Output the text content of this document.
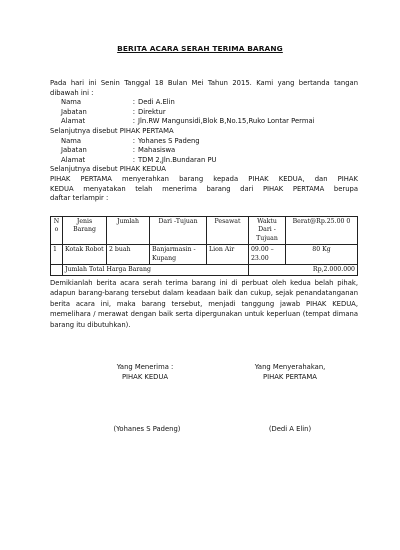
BERITA ACARA SERAH TERIMA BARANG
Pada hari ini Senin Tanggal 18 Bulan Mei Tahun 2015. Kami yang bertanda tangan dibawah ini :
Nama	: Dedi A.Elin
Jabatan	: Direktur
Alamat	: Jln.RW Mangunsidi,Blok B,No.15,Ruko Lontar Permai
Selanjutnya disebut PIHAK PERTAMA
Nama	: Yohanes S Padeng
Jabatan	: Mahasiswa
Alamat	: TDM 2,Jln.Bundaran PU
Selanjutnya disebut PIHAK KEDUA
PIHAK PERTAMA menyerahkan barang kepada PIHAK KEDUA, dan PIHAK
KEDUA menyatakan telah menerima barang dari PIHAK PERTAMA berupa
daftar terlampir :
N o	Jenis Barang	Jumlah	Dari -Tujuan	Pesawat	Waktu Dari - Tujuan	Berat@Rp.25.00 0
1	Kotak Robot	2 buah	Banjarmasin - Kupang	Lion Air	09.00 – 23.00	80 Kg
	Jumlah Total Harga Barang				Rp,2.000.000	
Demikianlah berita acara serah terima barang ini di perbuat oleh kedua belah pihak, adapun barang-barang tersebut dalam keadaan baik dan cukup, sejak penandatanganan berita acara ini, maka barang tersebut, menjadi tanggung jawab PIHAK KEDUA, memelihara / merawat dengan baik serta dipergunakan untuk keperluan (tempat dimana barang itu dibutuhkan).
Yang Menerima :
PIHAK KEDUA
Yang Menyerahakan,
PIHAK PERTAMA
(Yohanes S Padeng)	(Dedi A Elin)
